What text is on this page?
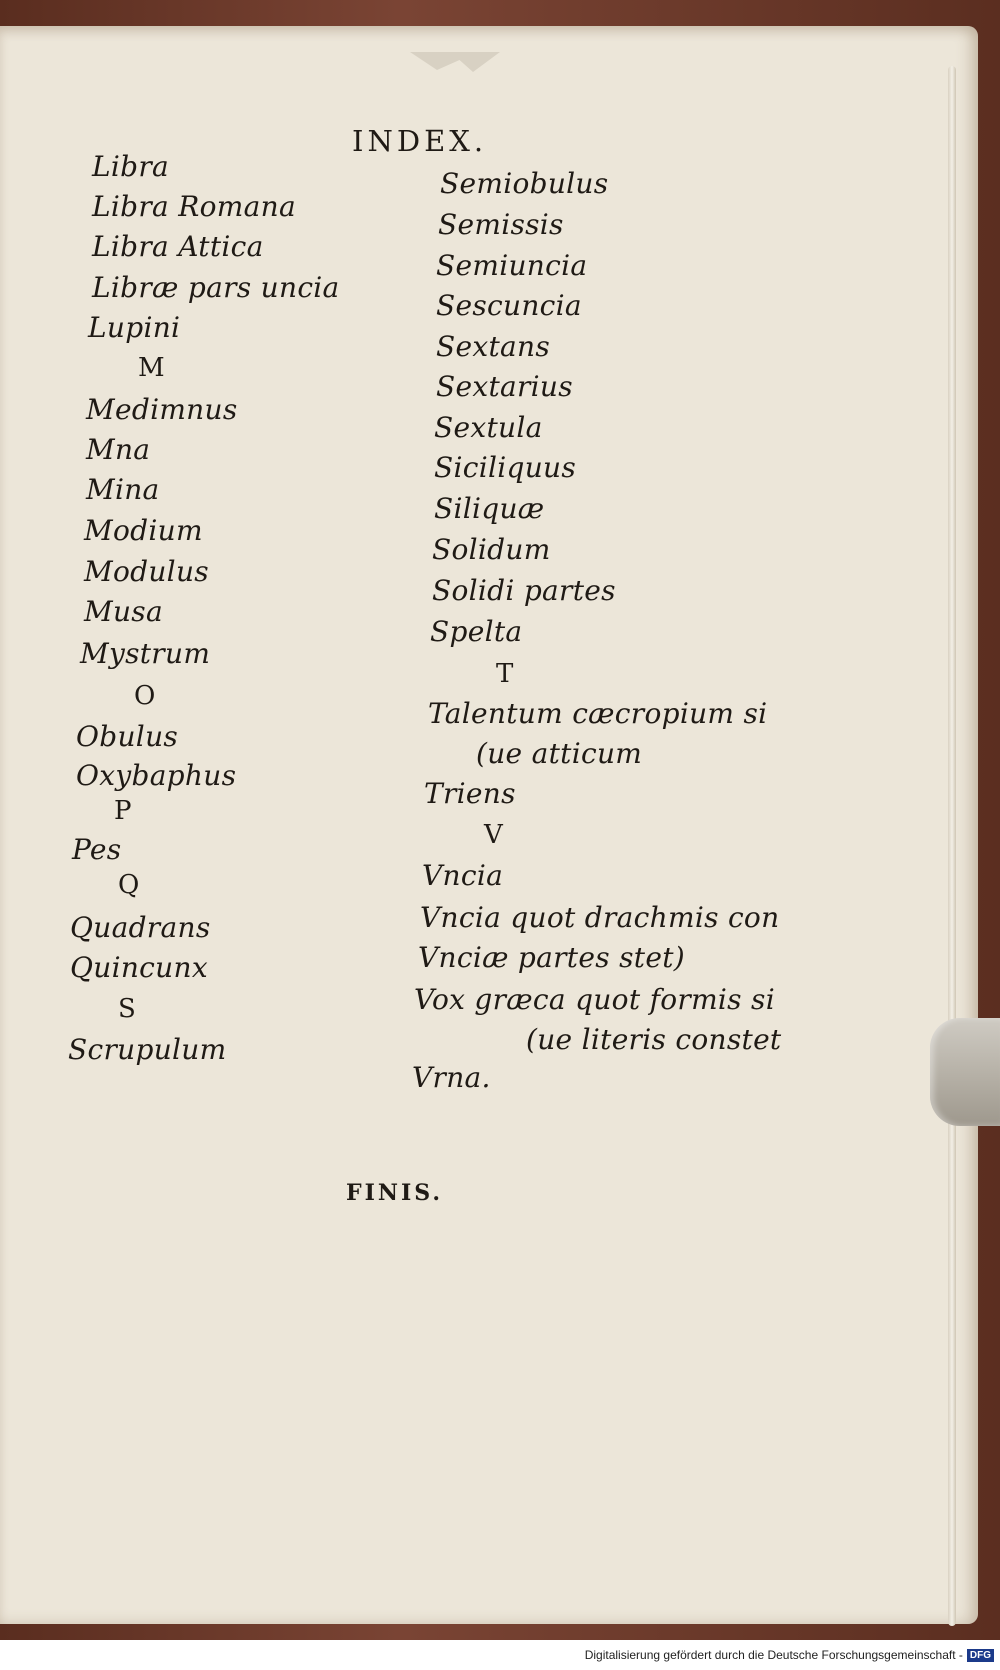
INDEX.
Libra
Libra Romana
Libra Attica
Libræ pars uncia
Lupini
M
Medimnus
Mna
Mina
Modium
Modulus
Musa
Mystrum
O
Obulus
Oxybaphus
P
Pes
Q
Quadrans
Quincunx
S
Scrupulum
Semiobulus
Semissis
Semiuncia
Sescuncia
Sextans
Sextarius
Sextula
Siciliquus
Siliquæ
Solidum
Solidi partes
Spelta
T
Talentum cæcropium si
(ue atticum
Triens
V
Vncia
Vncia quot drachmis con
Vnciæ partes stet)
Vox græca quot formis si
(ue literis constet
Vrna.
FINIS.
Digitalisierung gefördert durch die Deutsche Forschungsgemeinschaft - DFG
